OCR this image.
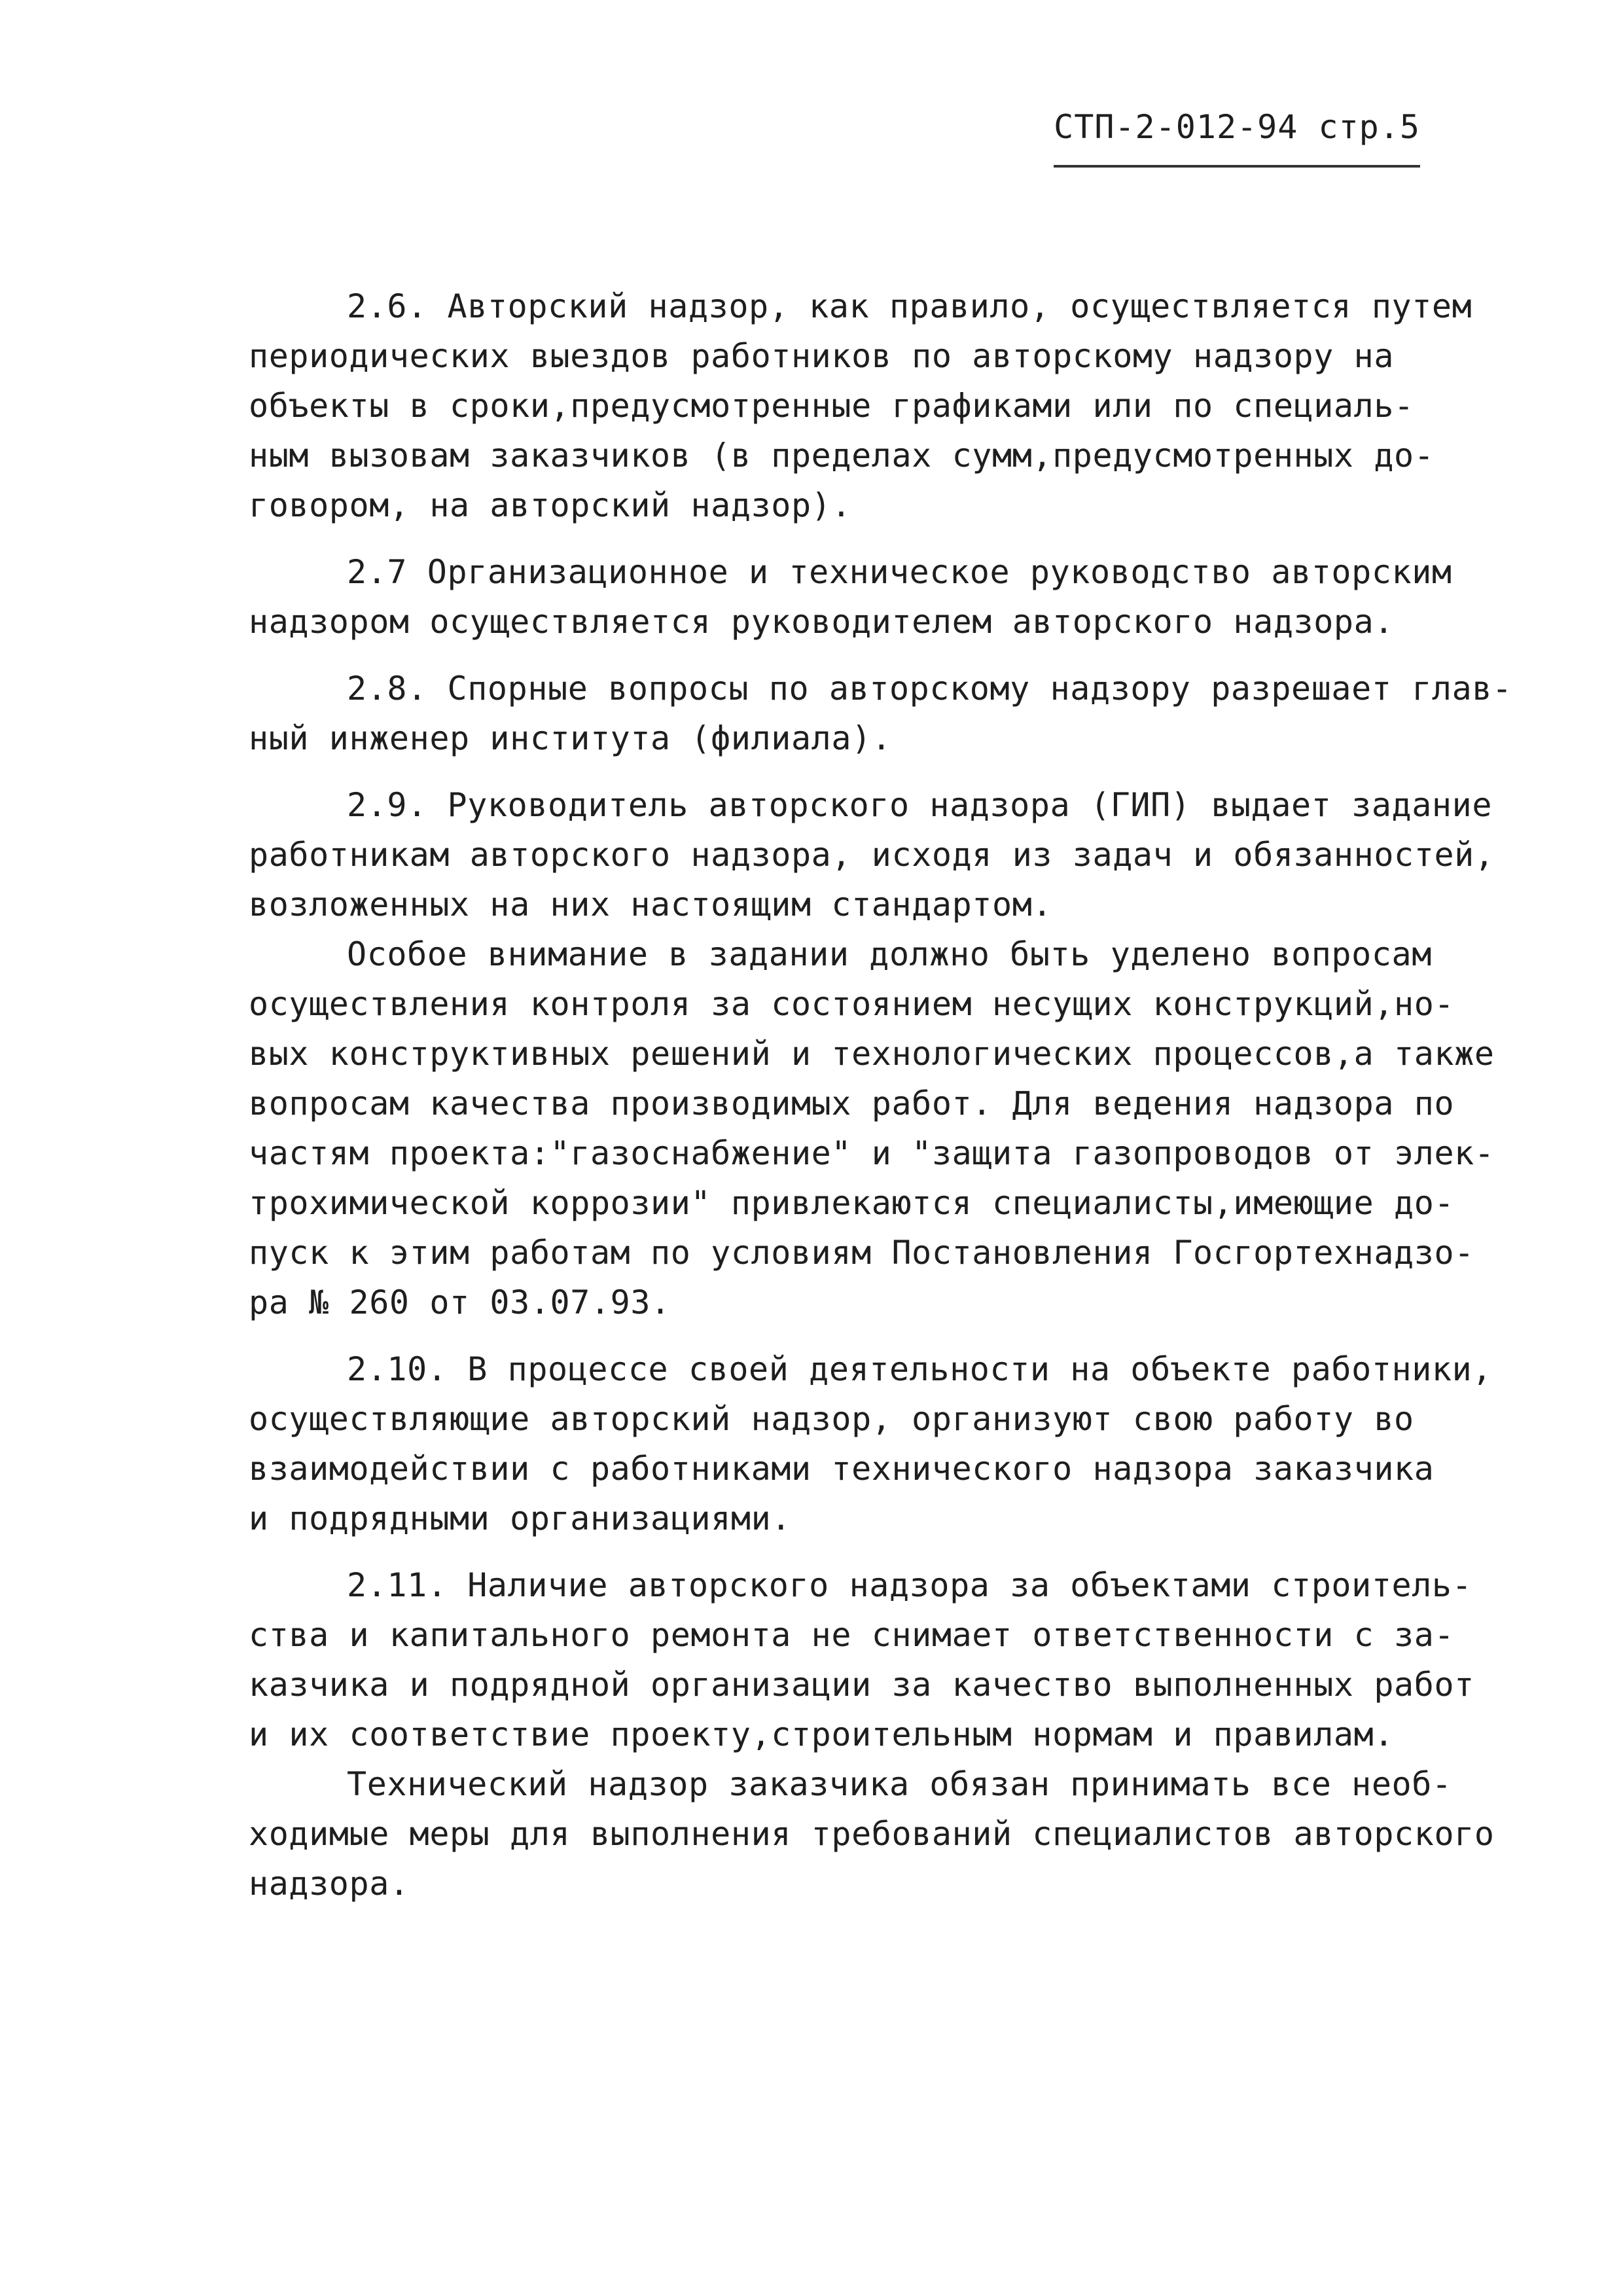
СТП-2-012-94 стр.5
2.6. Авторский надзор, как правило, осуществляется путем
периодических выездов работников по авторскому надзору на
объекты в сроки,предусмотренные графиками или по специаль-
ным вызовам заказчиков (в пределах сумм,предусмотренных до-
говором, на авторский надзор).
2.7 Организационное и техническое руководство авторским
надзором осуществляется руководителем авторского надзора.
2.8. Спорные вопросы по авторскому надзору разрешает глав-
ный инженер института (филиала).
2.9. Руководитель авторского надзора (ГИП) выдает задание
работникам авторского надзора, исходя из задач и обязанностей,
возложенных на них настоящим стандартом.
Особое внимание в задании должно быть уделено вопросам
осуществления контроля за состоянием несущих конструкций,но-
вых конструктивных решений и технологических процессов,а также
вопросам качества производимых работ. Для ведения надзора по
частям проекта:"газоснабжение" и "защита газопроводов от элек-
трохимической коррозии" привлекаются специалисты,имеющие до-
пуск к этим работам по условиям Постановления Госгортехнадзо-
ра № 260 от 03.07.93.
2.10. В процессе своей деятельности на объекте работники,
осуществляющие авторский надзор, организуют свою работу во
взаимодействии с работниками технического надзора заказчика
и подрядными организациями.
2.11. Наличие авторского надзора за объектами строитель-
ства и капитального ремонта не снимает ответственности с за-
казчика и подрядной организации за качество выполненных работ
и их соответствие проекту,строительным нормам и правилам.
Технический надзор заказчика обязан принимать все необ-
ходимые меры для выполнения требований специалистов авторского
надзора.
